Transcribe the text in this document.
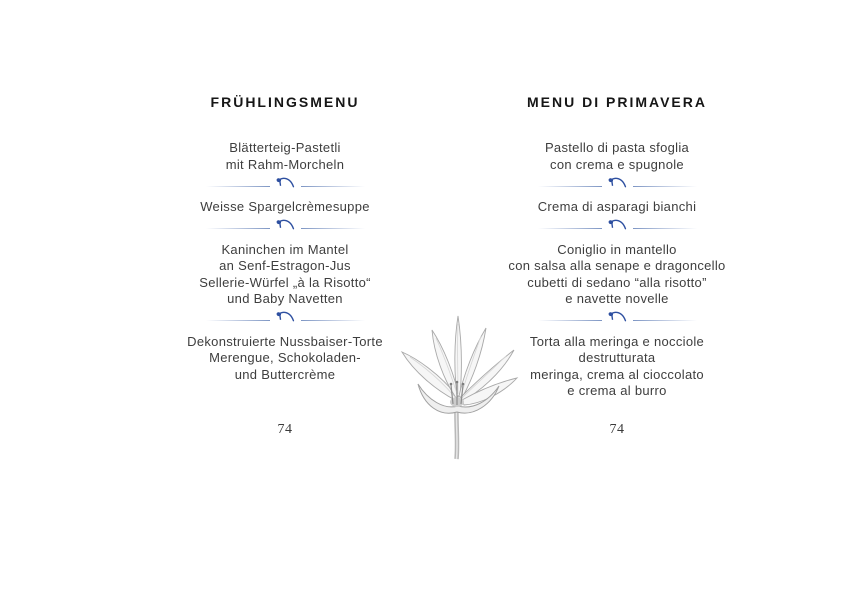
FRÜHLINGSMENU
Blätterteig-Pastetli
mit Rahm-Morcheln
Weisse Spargelcrèmesuppe
Kaninchen im Mantel
an Senf-Estragon-Jus
Sellerie-Würfel „à la Risotto“
und Baby Navetten
Dekonstruierte Nussbaiser-Torte
Merengue, Schokoladen-
und Buttercrème
74
MENU DI PRIMAVERA
Pastello di pasta sfoglia
con crema e spugnole
Crema di asparagi bianchi
Coniglio in mantello
con salsa alla senape e dragoncello
cubetti di sedano “alla risotto”
e navette novelle
Torta alla meringa e nocciole
destrutturata
meringa, crema al cioccolato
e crema al burro
74
